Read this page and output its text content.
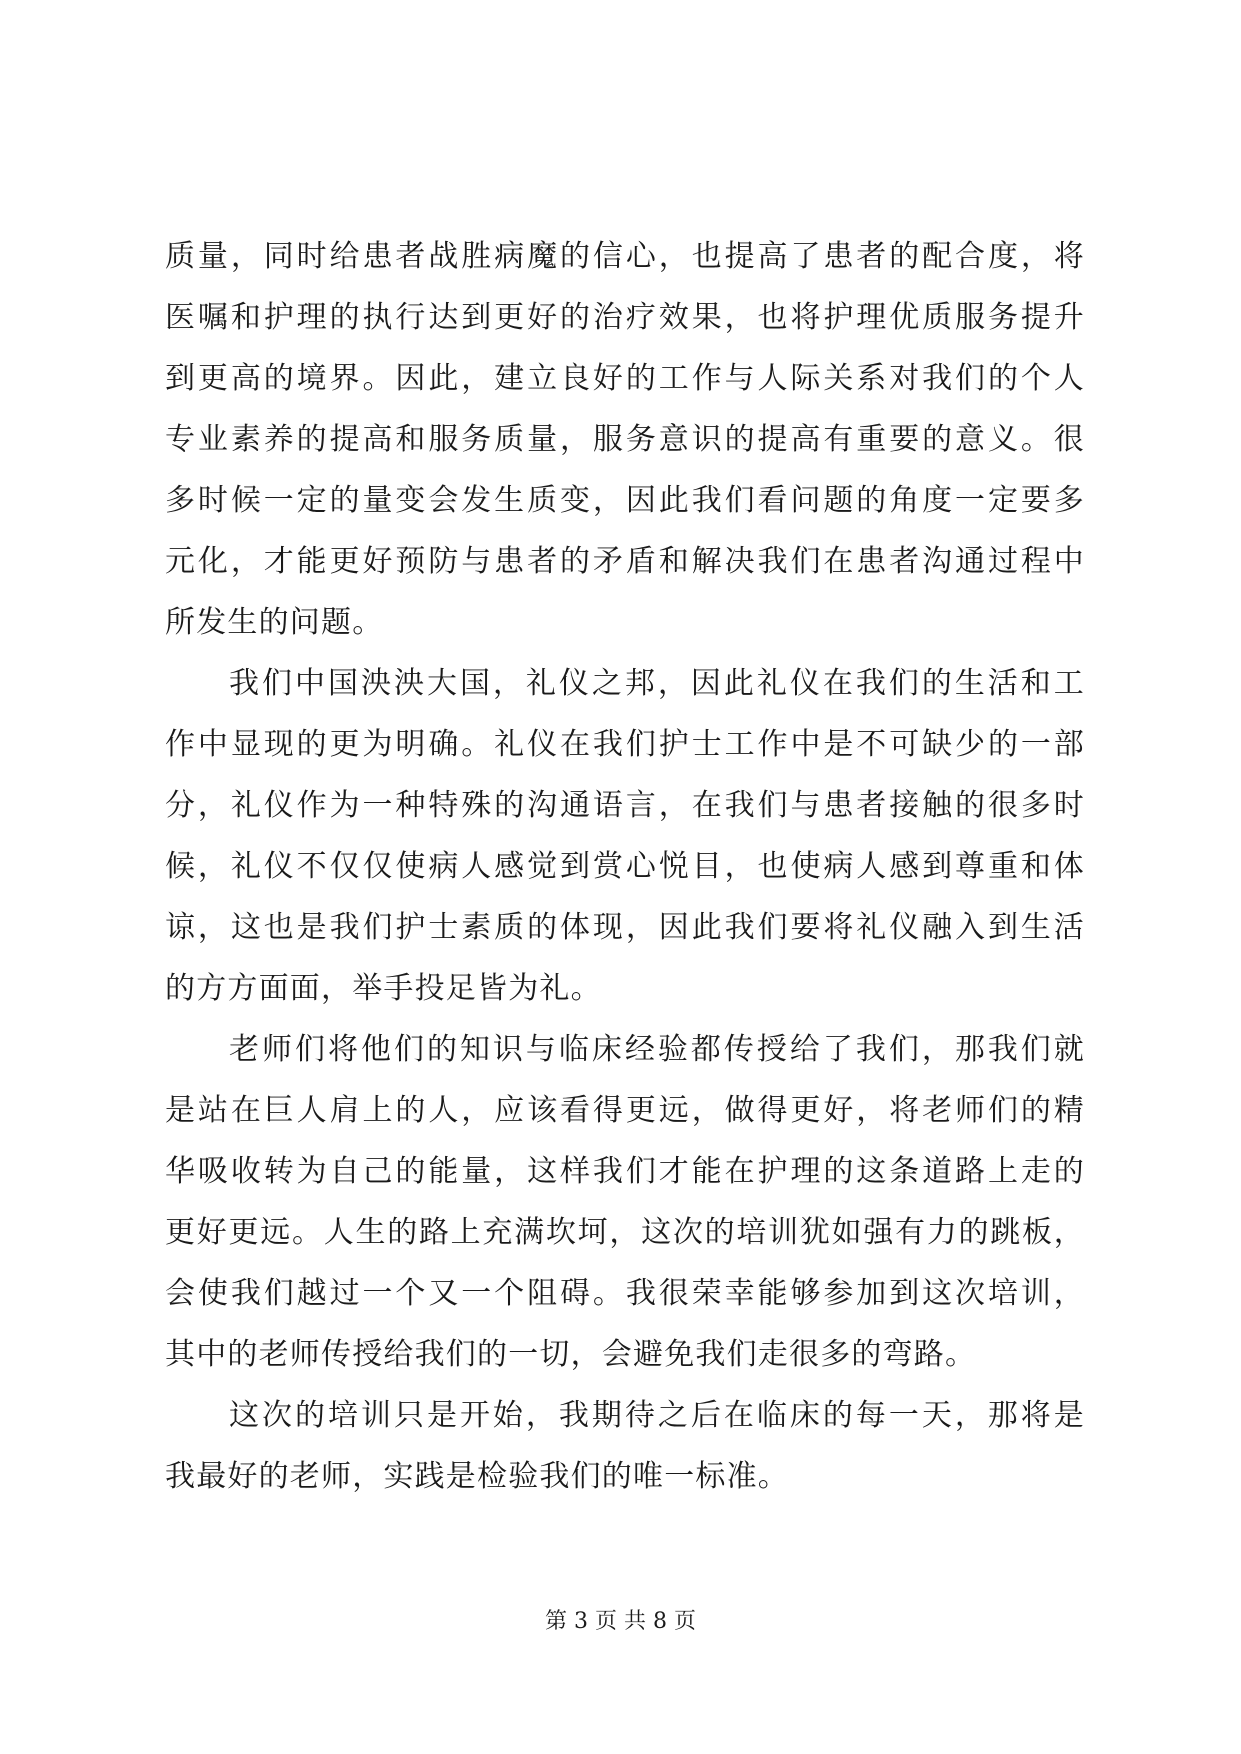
质量，同时给患者战胜病魔的信心，也提高了患者的配合度，将
医嘱和护理的执行达到更好的治疗效果，也将护理优质服务提升
到更高的境界。因此，建立良好的工作与人际关系对我们的个人
专业素养的提高和服务质量，服务意识的提高有重要的意义。很
多时候一定的量变会发生质变，因此我们看问题的角度一定要多
元化，才能更好预防与患者的矛盾和解决我们在患者沟通过程中
所发生的问题。

我们中国泱泱大国，礼仪之邦，因此礼仪在我们的生活和工
作中显现的更为明确。礼仪在我们护士工作中是不可缺少的一部
分，礼仪作为一种特殊的沟通语言，在我们与患者接触的很多时
候，礼仪不仅仅使病人感觉到赏心悦目，也使病人感到尊重和体
谅，这也是我们护士素质的体现，因此我们要将礼仪融入到生活
的方方面面，举手投足皆为礼。

老师们将他们的知识与临床经验都传授给了我们，那我们就
是站在巨人肩上的人，应该看得更远，做得更好，将老师们的精
华吸收转为自己的能量，这样我们才能在护理的这条道路上走的
更好更远。人生的路上充满坎坷，这次的培训犹如强有力的跳板，
会使我们越过一个又一个阻碍。我很荣幸能够参加到这次培训，
其中的老师传授给我们的一切，会避免我们走很多的弯路。

这次的培训只是开始，我期待之后在临床的每一天，那将是
我最好的老师，实践是检验我们的唯一标准。

第 3 页 共 8 页
